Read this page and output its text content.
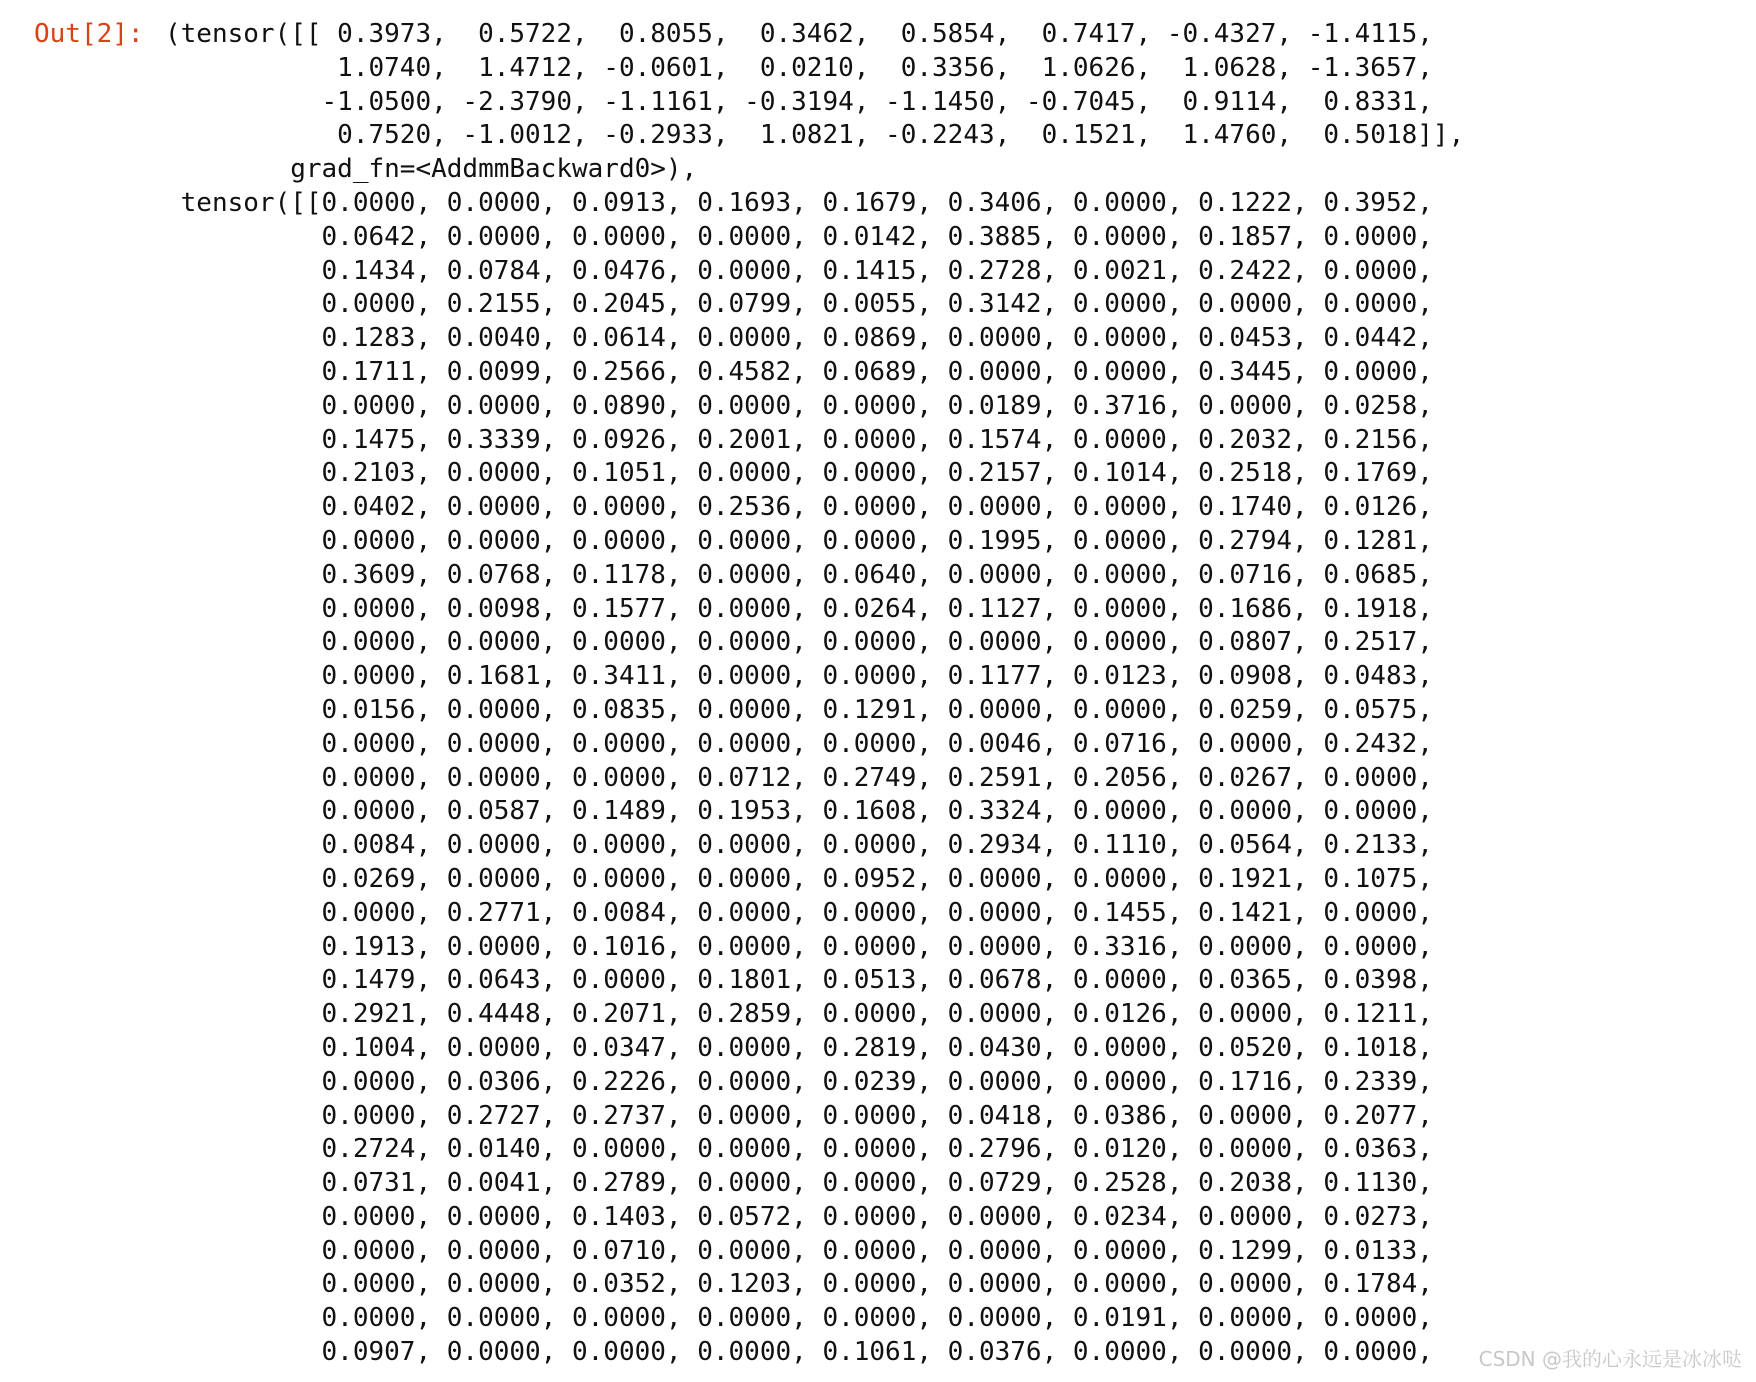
Out[2]: (tensor([[ 0.3973,  0.5722,  0.8055,  0.3462,  0.5854,  0.7417, -0.4327, -1.4115,
1.0740,  1.4712, -0.0601,  0.0210,  0.3356,  1.0626,  1.0628, -1.3657,
-1.0500, -2.3790, -1.1161, -0.3194, -1.1450, -0.7045,  0.9114,  0.8331,
0.7520, -1.0012, -0.2933,  1.0821, -0.2243,  0.1521,  1.4760,  0.5018]],
grad_fn=<AddmmBackward0>),
tensor([[0.0000, 0.0000, 0.0913, 0.1693, 0.1679, 0.3406, 0.0000, 0.1222, 0.3952,
0.0642, 0.0000, 0.0000, 0.0000, 0.0142, 0.3885, 0.0000, 0.1857, 0.0000,
0.1434, 0.0784, 0.0476, 0.0000, 0.1415, 0.2728, 0.0021, 0.2422, 0.0000,
0.0000, 0.2155, 0.2045, 0.0799, 0.0055, 0.3142, 0.0000, 0.0000, 0.0000,
0.1283, 0.0040, 0.0614, 0.0000, 0.0869, 0.0000, 0.0000, 0.0453, 0.0442,
0.1711, 0.0099, 0.2566, 0.4582, 0.0689, 0.0000, 0.0000, 0.3445, 0.0000,
0.0000, 0.0000, 0.0890, 0.0000, 0.0000, 0.0189, 0.3716, 0.0000, 0.0258,
0.1475, 0.3339, 0.0926, 0.2001, 0.0000, 0.1574, 0.0000, 0.2032, 0.2156,
0.2103, 0.0000, 0.1051, 0.0000, 0.0000, 0.2157, 0.1014, 0.2518, 0.1769,
0.0402, 0.0000, 0.0000, 0.2536, 0.0000, 0.0000, 0.0000, 0.1740, 0.0126,
0.0000, 0.0000, 0.0000, 0.0000, 0.0000, 0.1995, 0.0000, 0.2794, 0.1281,
0.3609, 0.0768, 0.1178, 0.0000, 0.0640, 0.0000, 0.0000, 0.0716, 0.0685,
0.0000, 0.0098, 0.1577, 0.0000, 0.0264, 0.1127, 0.0000, 0.1686, 0.1918,
0.0000, 0.0000, 0.0000, 0.0000, 0.0000, 0.0000, 0.0000, 0.0807, 0.2517,
0.0000, 0.1681, 0.3411, 0.0000, 0.0000, 0.1177, 0.0123, 0.0908, 0.0483,
0.0156, 0.0000, 0.0835, 0.0000, 0.1291, 0.0000, 0.0000, 0.0259, 0.0575,
0.0000, 0.0000, 0.0000, 0.0000, 0.0000, 0.0046, 0.0716, 0.0000, 0.2432,
0.0000, 0.0000, 0.0000, 0.0712, 0.2749, 0.2591, 0.2056, 0.0267, 0.0000,
0.0000, 0.0587, 0.1489, 0.1953, 0.1608, 0.3324, 0.0000, 0.0000, 0.0000,
0.0084, 0.0000, 0.0000, 0.0000, 0.0000, 0.2934, 0.1110, 0.0564, 0.2133,
0.0269, 0.0000, 0.0000, 0.0000, 0.0952, 0.0000, 0.0000, 0.1921, 0.1075,
0.0000, 0.2771, 0.0084, 0.0000, 0.0000, 0.0000, 0.1455, 0.1421, 0.0000,
0.1913, 0.0000, 0.1016, 0.0000, 0.0000, 0.0000, 0.3316, 0.0000, 0.0000,
0.1479, 0.0643, 0.0000, 0.1801, 0.0513, 0.0678, 0.0000, 0.0365, 0.0398,
0.2921, 0.4448, 0.2071, 0.2859, 0.0000, 0.0000, 0.0126, 0.0000, 0.1211,
0.1004, 0.0000, 0.0347, 0.0000, 0.2819, 0.0430, 0.0000, 0.0520, 0.1018,
0.0000, 0.0306, 0.2226, 0.0000, 0.0239, 0.0000, 0.0000, 0.1716, 0.2339,
0.0000, 0.2727, 0.2737, 0.0000, 0.0000, 0.0418, 0.0386, 0.0000, 0.2077,
0.2724, 0.0140, 0.0000, 0.0000, 0.0000, 0.2796, 0.0120, 0.0000, 0.0363,
0.0731, 0.0041, 0.2789, 0.0000, 0.0000, 0.0729, 0.2528, 0.2038, 0.1130,
0.0000, 0.0000, 0.1403, 0.0572, 0.0000, 0.0000, 0.0234, 0.0000, 0.0273,
0.0000, 0.0000, 0.0710, 0.0000, 0.0000, 0.0000, 0.0000, 0.1299, 0.0133,
0.0000, 0.0000, 0.0352, 0.1203, 0.0000, 0.0000, 0.0000, 0.0000, 0.1784,
0.0000, 0.0000, 0.0000, 0.0000, 0.0000, 0.0000, 0.0191, 0.0000, 0.0000,
0.0907, 0.0000, 0.0000, 0.0000, 0.1061, 0.0376, 0.0000, 0.0000, 0.0000,	CSDN @我的心永远是冰冰哒
